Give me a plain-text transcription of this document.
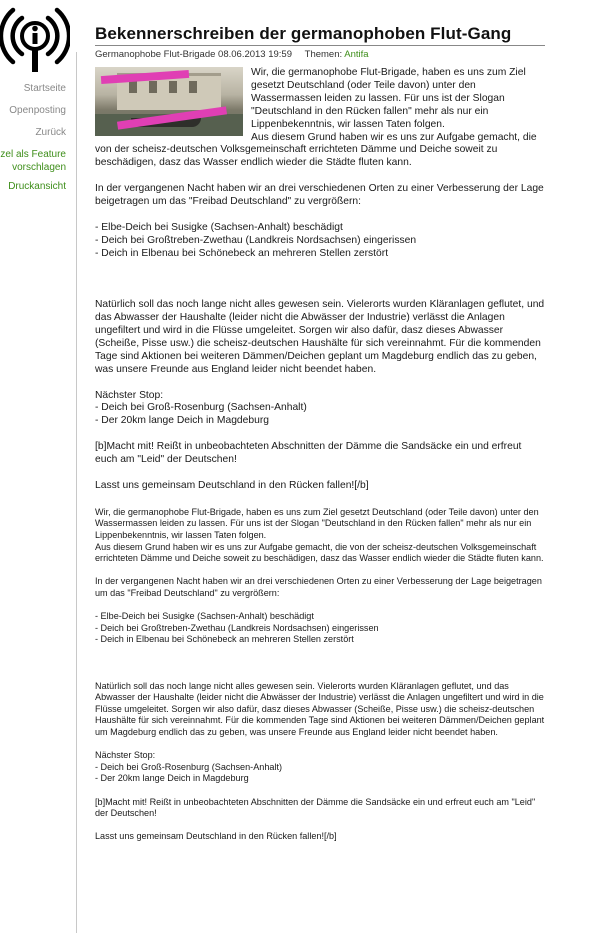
Startseite
Openposting
Zurück
zel als Feature vorschlagen
Druckansicht
Bekennerschreiben der germanophoben Flut-Gang
Germanophobe Flut-Brigade 08.06.2013 19:59 Themen: Antifa

Wir, die germanophobe Flut-Brigade, haben es uns zum Ziel gesetzt Deutschland (oder Teile davon) unter den Wassermassen leiden zu lassen. Für uns ist der Slogan "Deutschland in den Rücken fallen" mehr als nur ein Lippenbekenntnis, wir lassen Taten folgen.

Aus diesem Grund haben wir es uns zur Aufgabe gemacht, die von der scheisz-deutschen Volksgemeinschaft errichteten Dämme und Deiche soweit zu beschädigen, dasz das Wasser endlich wieder die Städte fluten kann.

In der vergangenen Nacht haben wir an drei verschiedenen Orten zu einer Verbesserung der Lage beigetragen um das "Freibad Deutschland" zu vergrößern:

- Elbe-Deich bei Susigke (Sachsen-Anhalt) beschädigt

- Deich bei Großtreben-Zwethau (Landkreis Nordsachsen) eingerissen

- Deich in Elbenau bei Schönebeck an mehreren Stellen zerstört

Natürlich soll das noch lange nicht alles gewesen sein. Vielerorts wurden Kläranlagen geflutet, und das Abwasser der Haushalte (leider nicht die Abwässer der Industrie) verlässt die Anlagen ungefiltert und wird in die Flüsse umgeleitet. Sorgen wir also dafür, dasz dieses Abwasser (Scheiße, Pisse usw.) die scheisz-deutschen Haushälte für sich vereinnahmt. Für die kommenden Tage sind Aktionen bei weiteren Dämmen/Deichen geplant um Magdeburg endlich das zu geben, was unsere Freunde aus England leider nicht beendet haben.

Nächster Stop:

- Deich bei Groß-Rosenburg (Sachsen-Anhalt)

- Der 20km lange Deich in Magdeburg

[b]Macht mit! Reißt in unbeobachteten Abschnitten der Dämme die Sandsäcke ein und erfreut euch am "Leid" der Deutschen!

Lasst uns gemeinsam Deutschland in den Rücken fallen![/b]

Wir, die germanophobe Flut-Brigade, haben es uns zum Ziel gesetzt Deutschland (oder Teile davon) unter den Wassermassen leiden zu lassen. Für uns ist der Slogan "Deutschland in den Rücken fallen" mehr als nur ein Lippenbekenntnis, wir lassen Taten folgen.

Aus diesem Grund haben wir es uns zur Aufgabe gemacht, die von der scheisz-deutschen Volksgemeinschaft errichteten Dämme und Deiche soweit zu beschädigen, dasz das Wasser endlich wieder die Städte fluten kann.

In der vergangenen Nacht haben wir an drei verschiedenen Orten zu einer Verbesserung der Lage beigetragen um das "Freibad Deutschland" zu vergrößern:

- Elbe-Deich bei Susigke (Sachsen-Anhalt) beschädigt

- Deich bei Großtreben-Zwethau (Landkreis Nordsachsen) eingerissen

- Deich in Elbenau bei Schönebeck an mehreren Stellen zerstört

Natürlich soll das noch lange nicht alles gewesen sein. Vielerorts wurden Kläranlagen geflutet, und das Abwasser der Haushalte (leider nicht die Abwässer der Industrie) verlässt die Anlagen ungefiltert und wird in die Flüsse umgeleitet. Sorgen wir also dafür, dasz dieses Abwasser (Scheiße, Pisse usw.) die scheisz-deutschen Haushälte für sich vereinnahmt. Für die kommenden Tage sind Aktionen bei weiteren Dämmen/Deichen geplant um Magdeburg endlich das zu geben, was unsere Freunde aus England leider nicht beendet haben.

Nächster Stop:

- Deich bei Groß-Rosenburg (Sachsen-Anhalt)

- Der 20km lange Deich in Magdeburg

[b]Macht mit! Reißt in unbeobachteten Abschnitten der Dämme die Sandsäcke ein und erfreut euch am "Leid" der Deutschen!

Lasst uns gemeinsam Deutschland in den Rücken fallen![/b]
